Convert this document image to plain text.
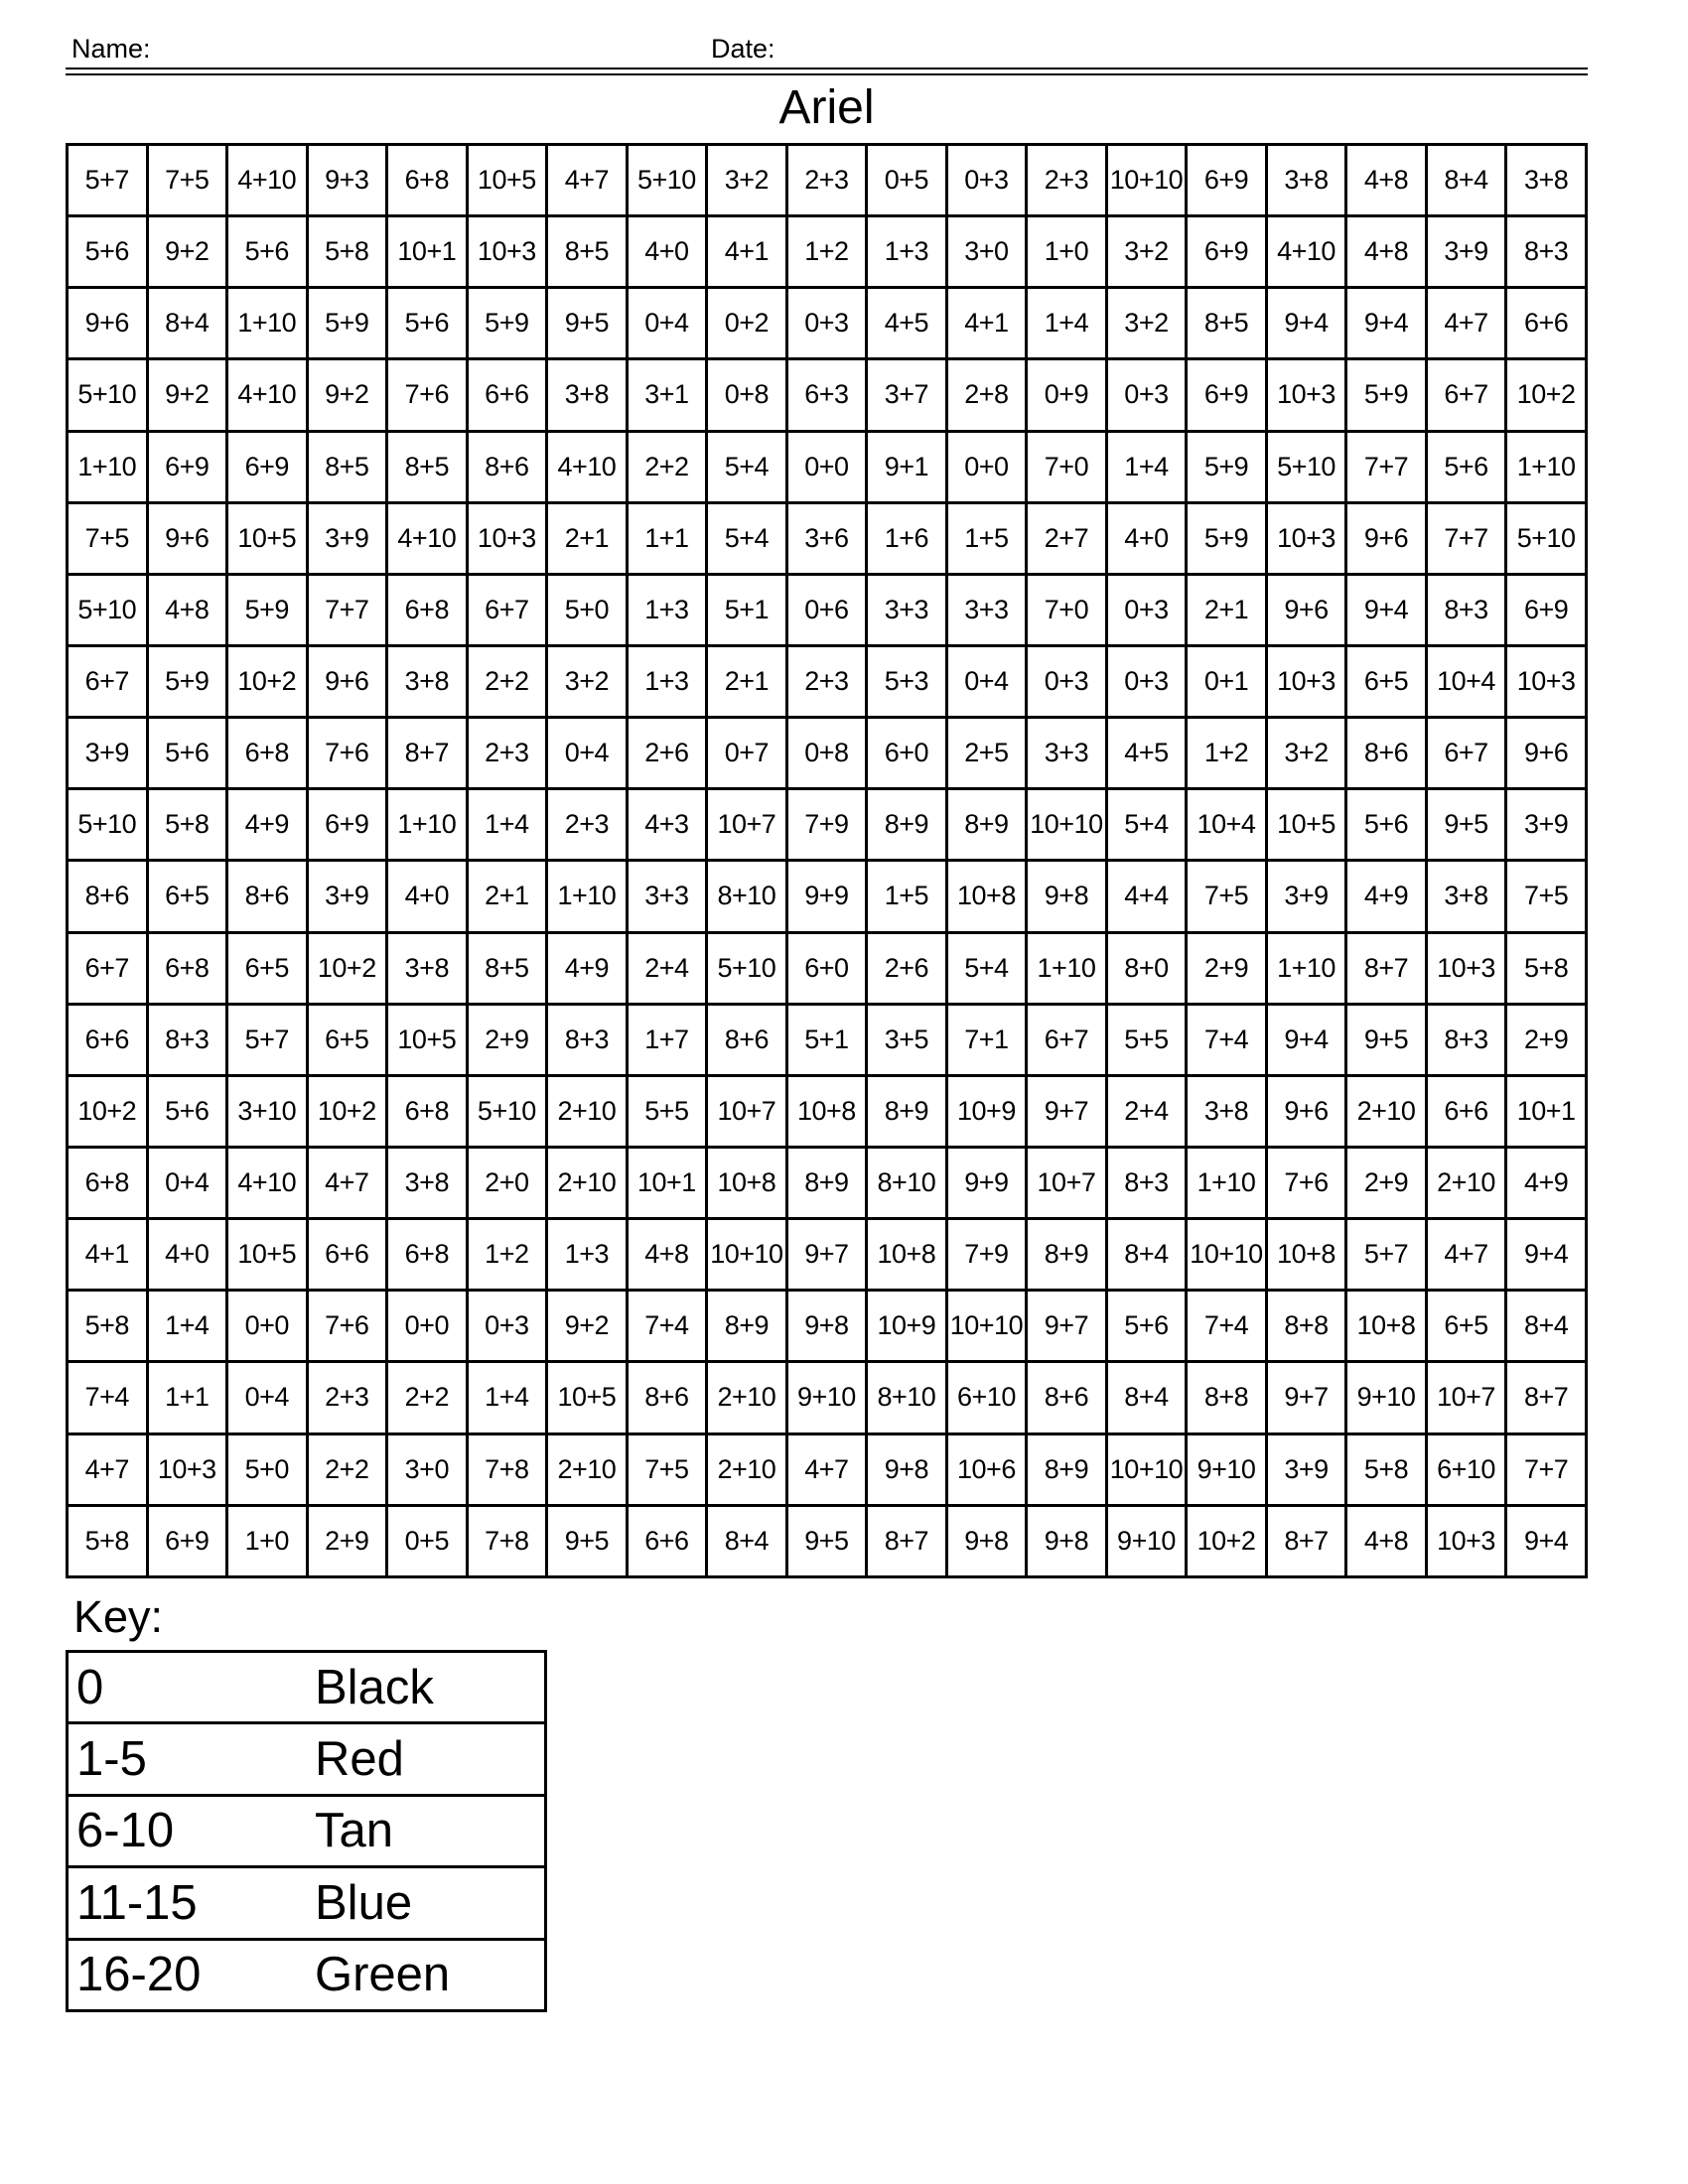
Name:	Date:
Ariel
5+7	7+5	4+10	9+3	6+8	10+5	4+7	5+10	3+2	2+3	0+5	0+3	2+3	10+10	6+9	3+8	4+8	8+4	3+8
5+6	9+2	5+6	5+8	10+1	10+3	8+5	4+0	4+1	1+2	1+3	3+0	1+0	3+2	6+9	4+10	4+8	3+9	8+3
9+6	8+4	1+10	5+9	5+6	5+9	9+5	0+4	0+2	0+3	4+5	4+1	1+4	3+2	8+5	9+4	9+4	4+7	6+6
5+10	9+2	4+10	9+2	7+6	6+6	3+8	3+1	0+8	6+3	3+7	2+8	0+9	0+3	6+9	10+3	5+9	6+7	10+2
1+10	6+9	6+9	8+5	8+5	8+6	4+10	2+2	5+4	0+0	9+1	0+0	7+0	1+4	5+9	5+10	7+7	5+6	1+10
7+5	9+6	10+5	3+9	4+10	10+3	2+1	1+1	5+4	3+6	1+6	1+5	2+7	4+0	5+9	10+3	9+6	7+7	5+10
5+10	4+8	5+9	7+7	6+8	6+7	5+0	1+3	5+1	0+6	3+3	3+3	7+0	0+3	2+1	9+6	9+4	8+3	6+9
6+7	5+9	10+2	9+6	3+8	2+2	3+2	1+3	2+1	2+3	5+3	0+4	0+3	0+3	0+1	10+3	6+5	10+4	10+3
3+9	5+6	6+8	7+6	8+7	2+3	0+4	2+6	0+7	0+8	6+0	2+5	3+3	4+5	1+2	3+2	8+6	6+7	9+6
5+10	5+8	4+9	6+9	1+10	1+4	2+3	4+3	10+7	7+9	8+9	8+9	10+10	5+4	10+4	10+5	5+6	9+5	3+9
8+6	6+5	8+6	3+9	4+0	2+1	1+10	3+3	8+10	9+9	1+5	10+8	9+8	4+4	7+5	3+9	4+9	3+8	7+5
6+7	6+8	6+5	10+2	3+8	8+5	4+9	2+4	5+10	6+0	2+6	5+4	1+10	8+0	2+9	1+10	8+7	10+3	5+8
6+6	8+3	5+7	6+5	10+5	2+9	8+3	1+7	8+6	5+1	3+5	7+1	6+7	5+5	7+4	9+4	9+5	8+3	2+9
10+2	5+6	3+10	10+2	6+8	5+10	2+10	5+5	10+7	10+8	8+9	10+9	9+7	2+4	3+8	9+6	2+10	6+6	10+1
6+8	0+4	4+10	4+7	3+8	2+0	2+10	10+1	10+8	8+9	8+10	9+9	10+7	8+3	1+10	7+6	2+9	2+10	4+9
4+1	4+0	10+5	6+6	6+8	1+2	1+3	4+8	10+10	9+7	10+8	7+9	8+9	8+4	10+10	10+8	5+7	4+7	9+4
5+8	1+4	0+0	7+6	0+0	0+3	9+2	7+4	8+9	9+8	10+9	10+10	9+7	5+6	7+4	8+8	10+8	6+5	8+4
7+4	1+1	0+4	2+3	2+2	1+4	10+5	8+6	2+10	9+10	8+10	6+10	8+6	8+4	8+8	9+7	9+10	10+7	8+7
4+7	10+3	5+0	2+2	3+0	7+8	2+10	7+5	2+10	4+7	9+8	10+6	8+9	10+10	9+10	3+9	5+8	6+10	7+7
5+8	6+9	1+0	2+9	0+5	7+8	9+5	6+6	8+4	9+5	8+7	9+8	9+8	9+10	10+2	8+7	4+8	10+3	9+4
Key:
0	Black
1-5	Red
6-10	Tan
11-15	Blue
16-20	Green
